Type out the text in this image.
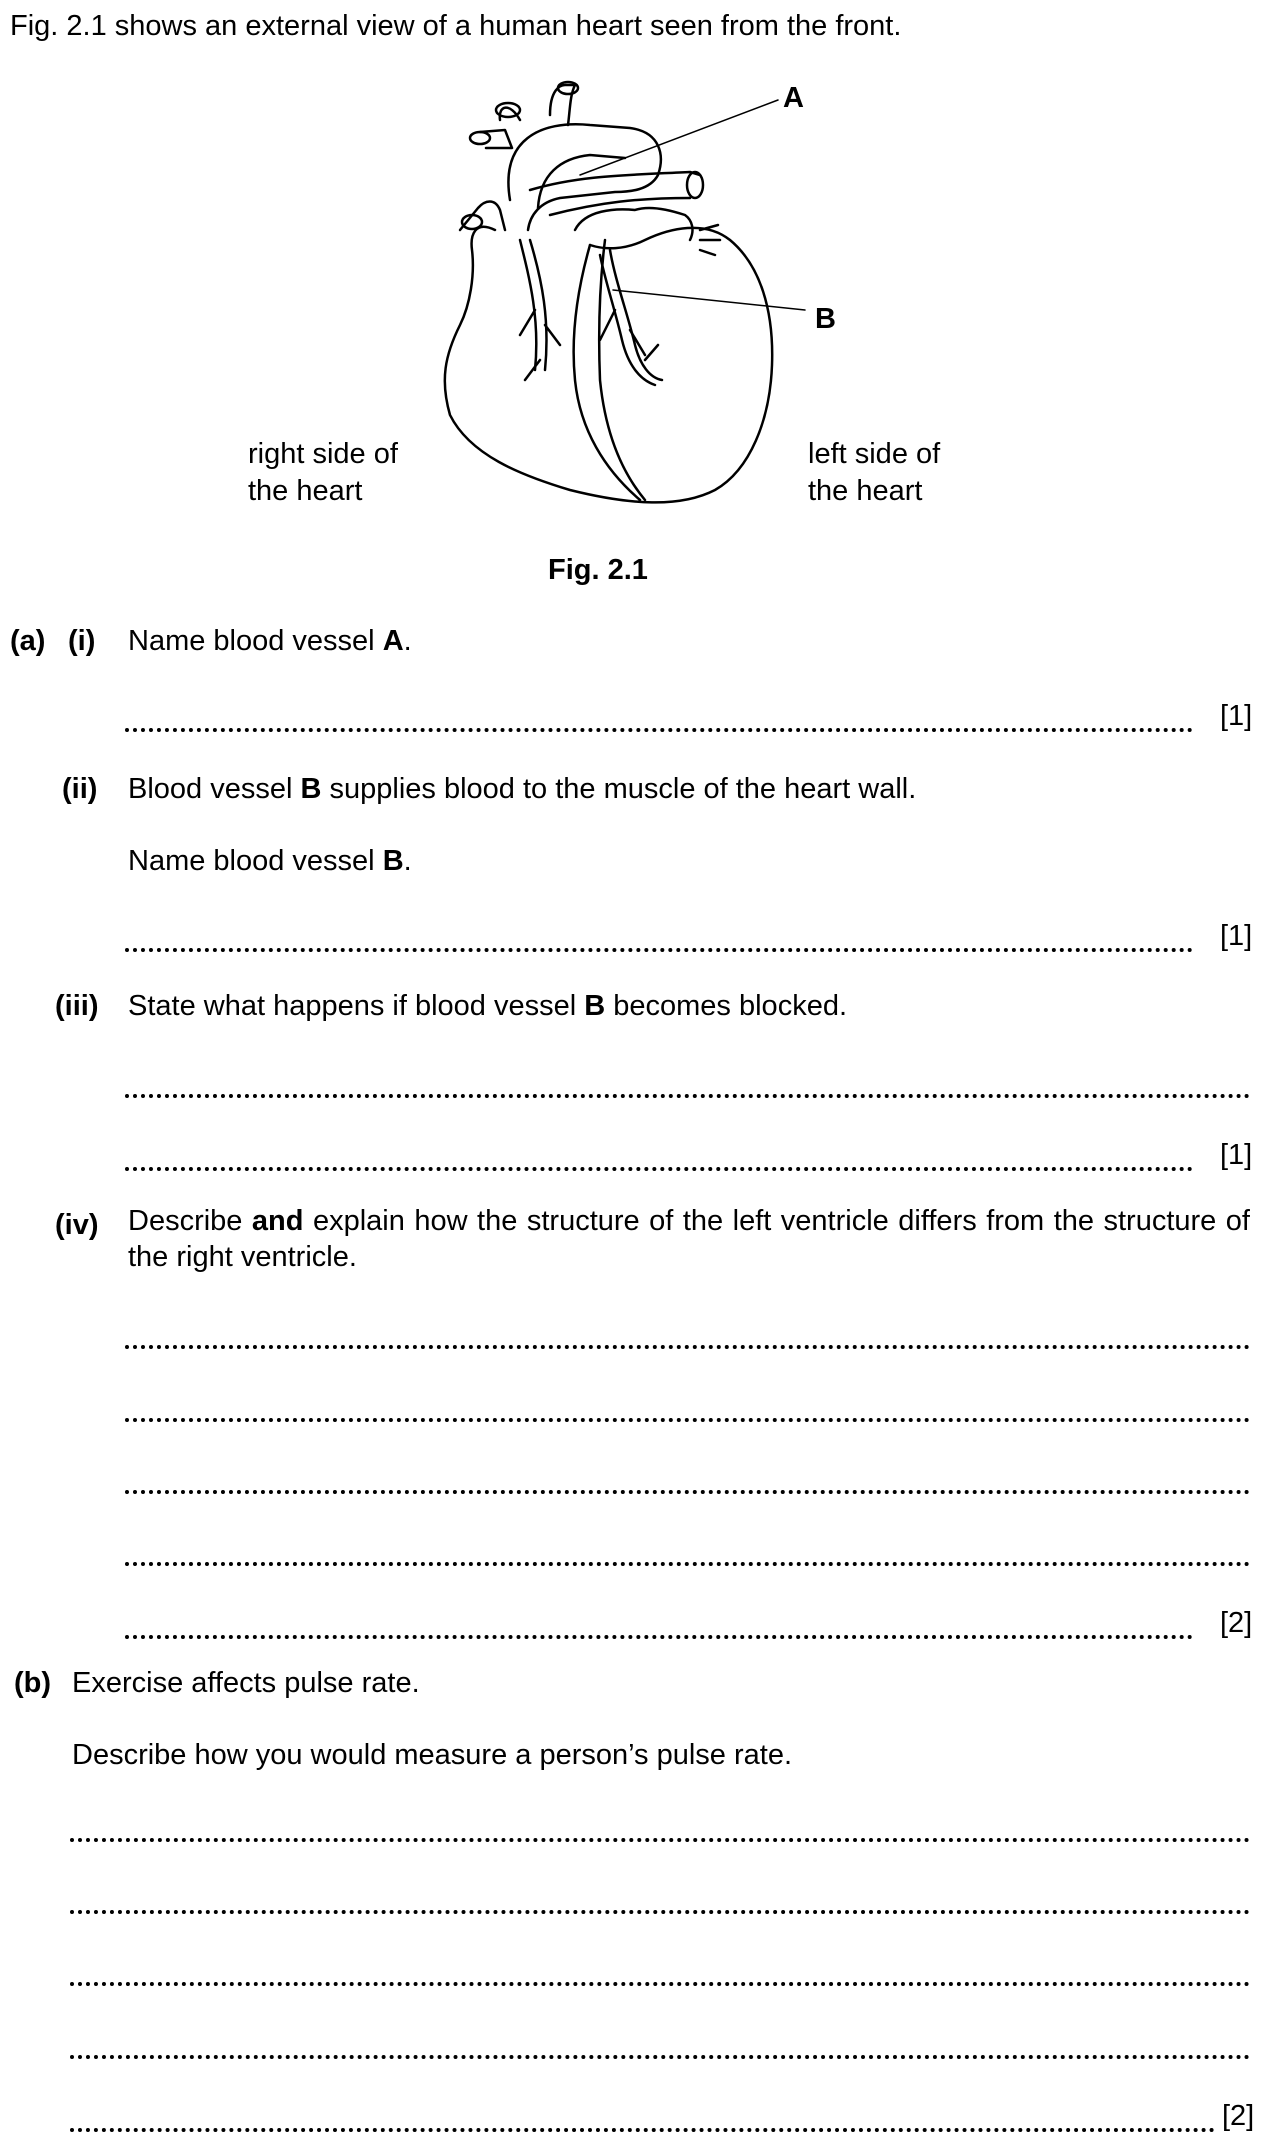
Fig. 2.1 shows an external view of a human heart seen from the front.
A
B
right side of
the heart
left side of
the heart
Fig. 2.1
(a) (i) Name blood vessel A.
[1]
(ii) Blood vessel B supplies blood to the muscle of the heart wall.
Name blood vessel B.
[1]
(iii) State what happens if blood vessel B becomes blocked.
[1]
(iv) Describe and explain how the structure of the left ventricle differs from the structure of the right ventricle.
[2]
(b) Exercise affects pulse rate.
Describe how you would measure a person’s pulse rate.
[2]
